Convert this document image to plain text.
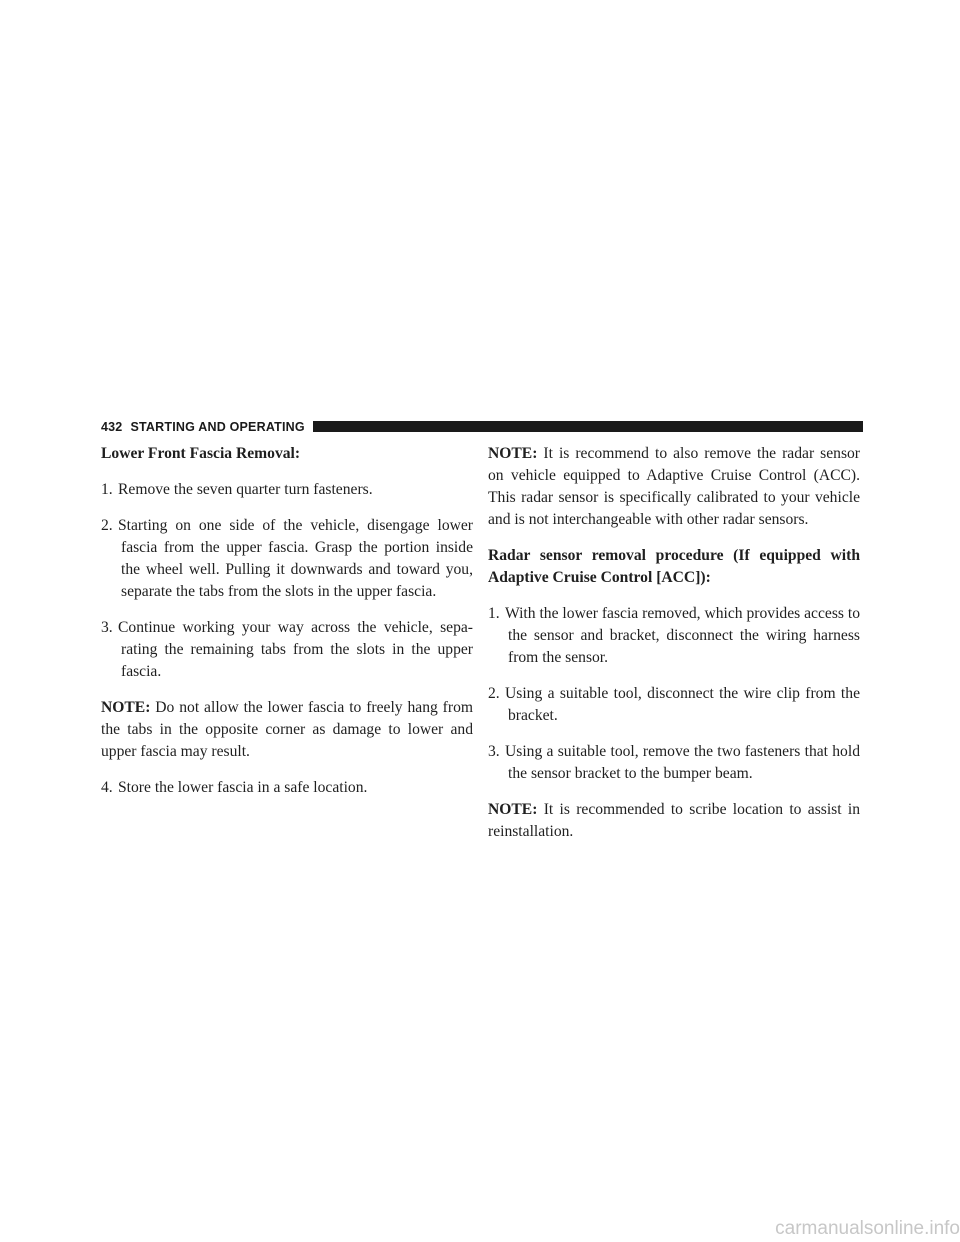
432 STARTING AND OPERATING

Lower Front Fascia Removal:

1. Remove the seven quarter turn fasteners.
2. Starting on one side of the vehicle, disengage lower fascia from the upper fascia. Grasp the portion inside the wheel well. Pulling it downwards and toward you, separate the tabs from the slots in the upper fascia.
3. Continue working your way across the vehicle, sepa- rating the remaining tabs from the slots in the upper fascia.

NOTE: Do not allow the lower fascia to freely hang from the tabs in the opposite corner as damage to lower and upper fascia may result.

4. Store the lower fascia in a safe location.

NOTE: It is recommend to also remove the radar sensor on vehicle equipped to Adaptive Cruise Control (ACC). This radar sensor is specifically calibrated to your vehicle and is not interchangeable with other radar sensors.

Radar sensor removal procedure (If equipped with Adaptive Cruise Control [ACC]):

1. With the lower fascia removed, which provides access to the sensor and bracket, disconnect the wiring harness from the sensor.
2. Using a suitable tool, disconnect the wire clip from the bracket.
3. Using a suitable tool, remove the two fasteners that hold the sensor bracket to the bumper beam.

NOTE: It is recommended to scribe location to assist in reinstallation.

carmanualsonline.info
